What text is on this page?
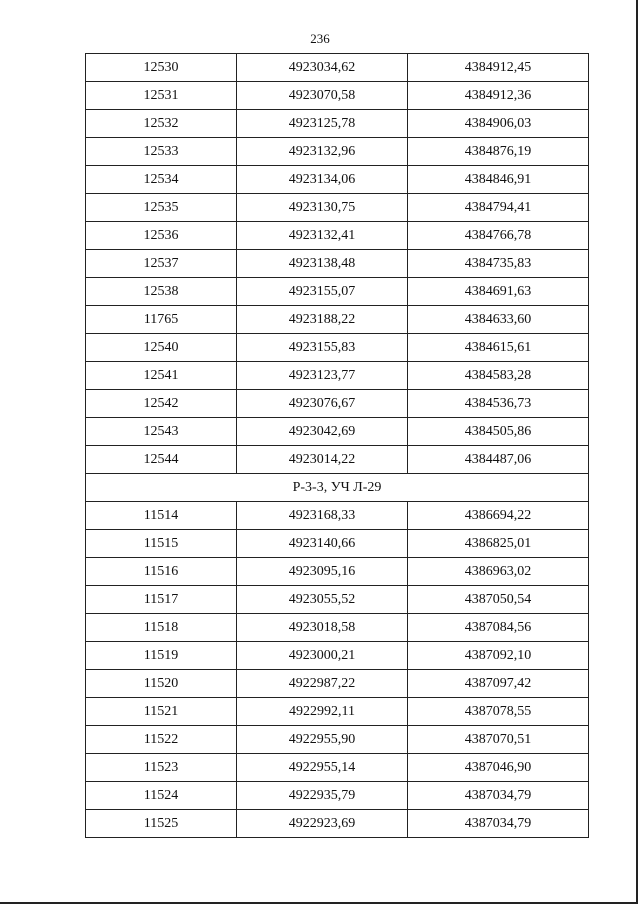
236
12530	4923034,62	4384912,45
12531	4923070,58	4384912,36
12532	4923125,78	4384906,03
12533	4923132,96	4384876,19
12534	4923134,06	4384846,91
12535	4923130,75	4384794,41
12536	4923132,41	4384766,78
12537	4923138,48	4384735,83
12538	4923155,07	4384691,63
11765	4923188,22	4384633,60
12540	4923155,83	4384615,61
12541	4923123,77	4384583,28
12542	4923076,67	4384536,73
12543	4923042,69	4384505,86
12544	4923014,22	4384487,06
Р-3-3, УЧ Л-29		
11514	4923168,33	4386694,22
11515	4923140,66	4386825,01
11516	4923095,16	4386963,02
11517	4923055,52	4387050,54
11518	4923018,58	4387084,56
11519	4923000,21	4387092,10
11520	4922987,22	4387097,42
11521	4922992,11	4387078,55
11522	4922955,90	4387070,51
11523	4922955,14	4387046,90
11524	4922935,79	4387034,79
11525	4922923,69	4387034,79
